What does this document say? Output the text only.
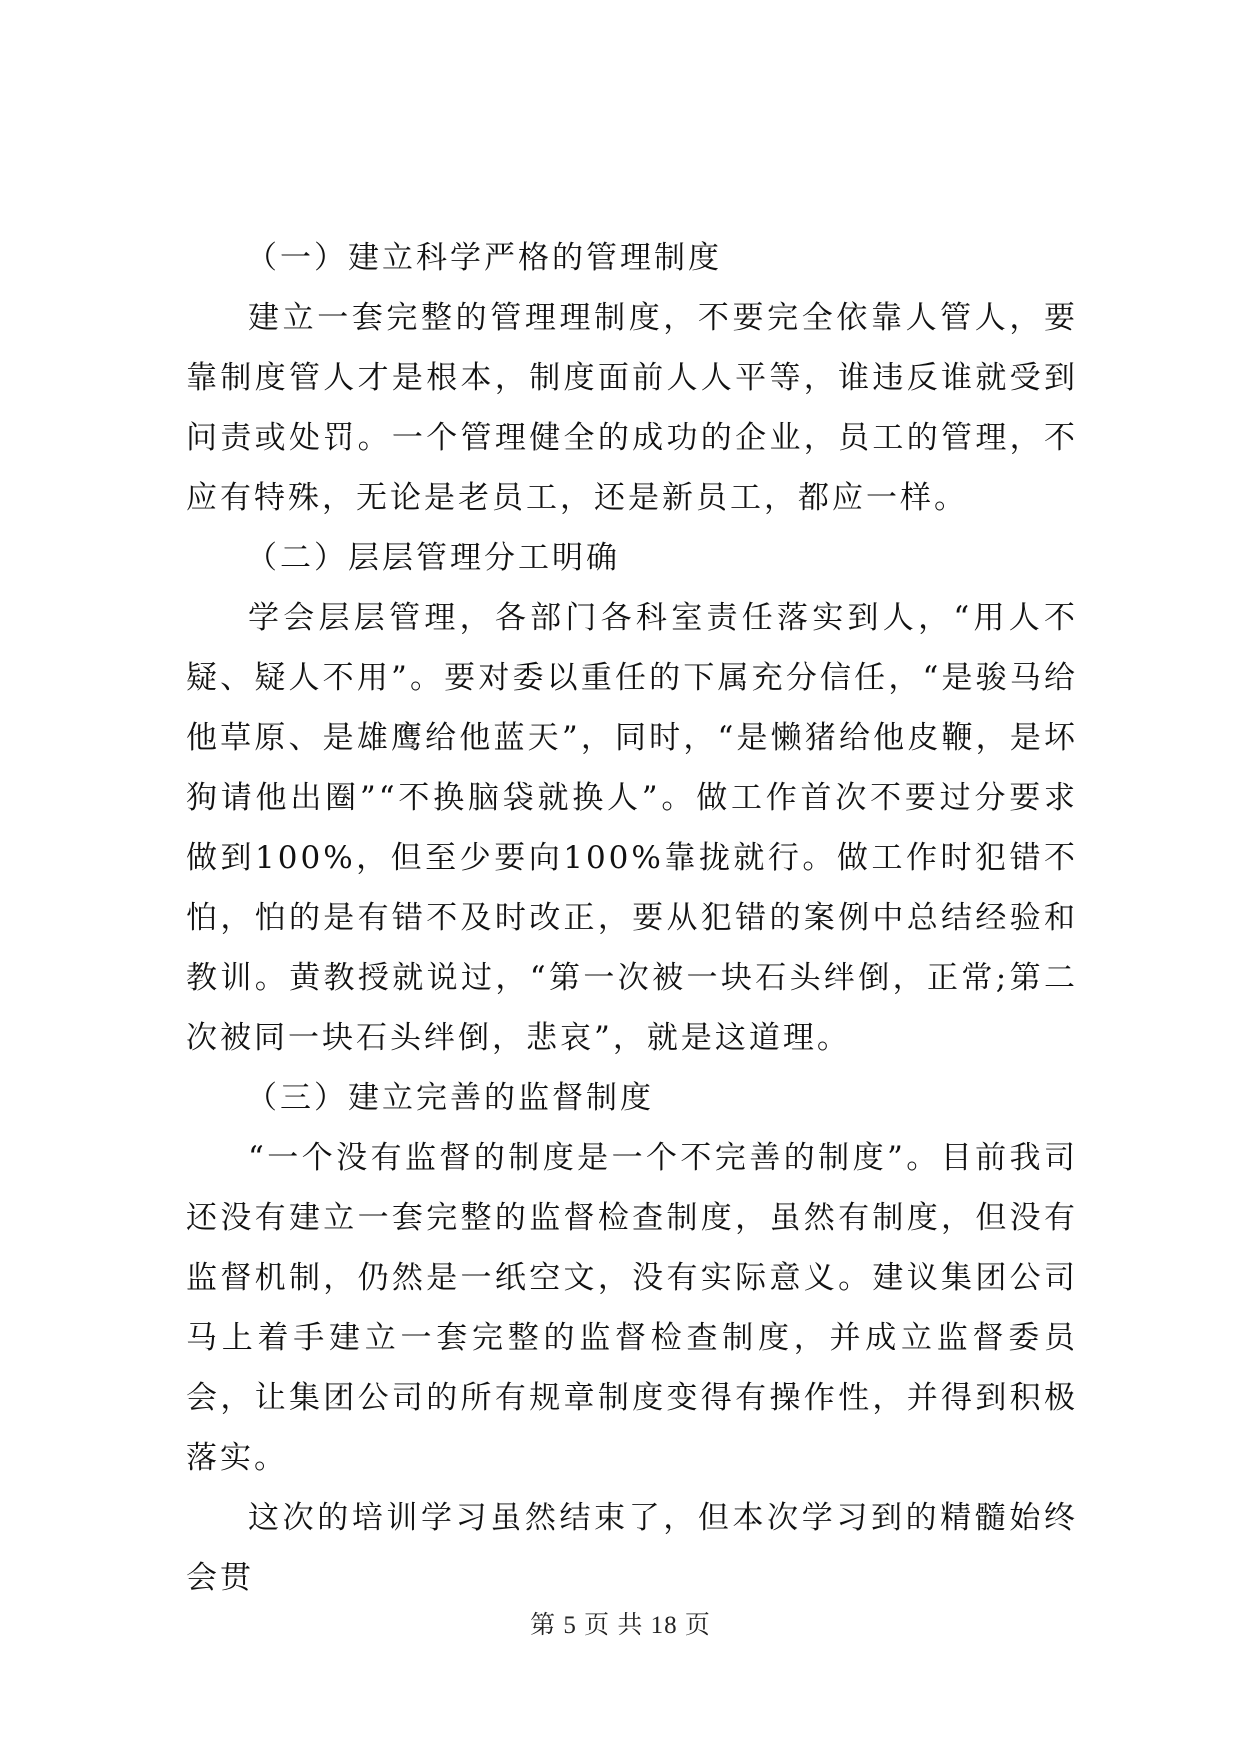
（一）建立科学严格的管理制度

建立一套完整的管理理制度，不要完全依靠人管人，要靠制度管人才是根本，制度面前人人平等，谁违反谁就受到问责或处罚。一个管理健全的成功的企业，员工的管理，不应有特殊，无论是老员工，还是新员工，都应一样。

（二）层层管理分工明确

学会层层管理，各部门各科室责任落实到人，“用人不疑、疑人不用”。要对委以重任的下属充分信任，“是骏马给他草原、是雄鹰给他蓝天”，同时，“是懒猪给他皮鞭，是坏狗请他出圈”“不换脑袋就换人”。做工作首次不要过分要求做到100%，但至少要向100%靠拢就行。做工作时犯错不怕，怕的是有错不及时改正，要从犯错的案例中总结经验和教训。黄教授就说过，“第一次被一块石头绊倒，正常;第二次被同一块石头绊倒，悲哀”，就是这道理。

（三）建立完善的监督制度

“一个没有监督的制度是一个不完善的制度”。目前我司还没有建立一套完整的监督检查制度，虽然有制度，但没有监督机制，仍然是一纸空文，没有实际意义。建议集团公司马上着手建立一套完整的监督检查制度，并成立监督委员会，让集团公司的所有规章制度变得有操作性，并得到积极落实。

这次的培训学习虽然结束了，但本次学习到的精髓始终会贯

第 5 页 共 18 页
